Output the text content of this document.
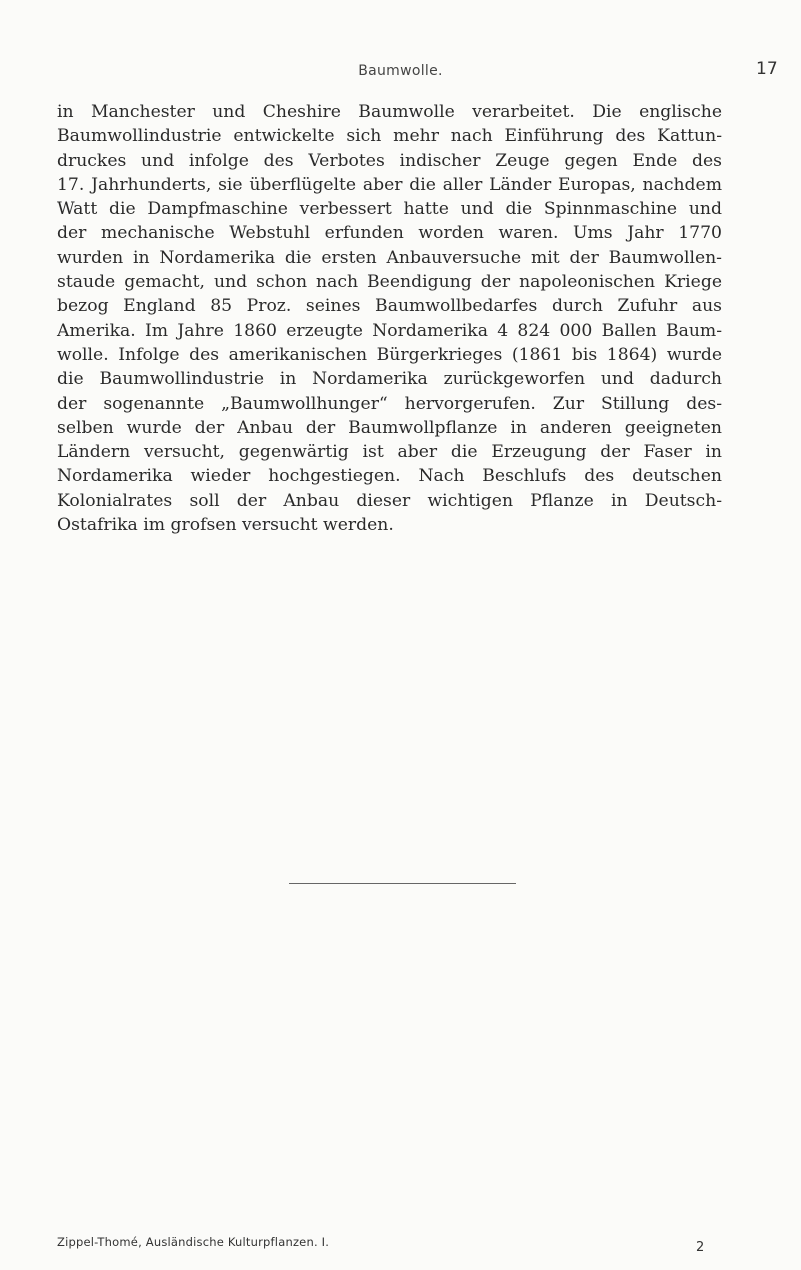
Baumwolle.	17
in Manchester und Cheshire Baumwolle verarbeitet. Die englische
Baumwollindustrie entwickelte sich mehr nach Einführung des Kattun-
druckes und infolge des Verbotes indischer Zeuge gegen Ende des
17. Jahrhunderts, sie überflügelte aber die aller Länder Europas, nachdem
Watt die Dampfmaschine verbessert hatte und die Spinnmaschine und
der mechanische Webstuhl erfunden worden waren. Ums Jahr 1770
wurden in Nordamerika die ersten Anbauversuche mit der Baumwollen-
staude gemacht, und schon nach Beendigung der napoleonischen Kriege
bezog England 85 Proz. seines Baumwollbedarfes durch Zufuhr aus
Amerika. Im Jahre 1860 erzeugte Nordamerika 4 824 000 Ballen Baum-
wolle. Infolge des amerikanischen Bürgerkrieges (1861 bis 1864) wurde
die Baumwollindustrie in Nordamerika zurückgeworfen und dadurch
der sogenannte „Baumwollhunger“ hervorgerufen. Zur Stillung des-
selben wurde der Anbau der Baumwollpflanze in anderen geeigneten
Ländern versucht, gegenwärtig ist aber die Erzeugung der Faser in
Nordamerika wieder hochgestiegen. Nach Beschlufs des deutschen
Kolonialrates soll der Anbau dieser wichtigen Pflanze in Deutsch-
Ostafrika im grofsen versucht werden.
Zippel-Thomé, Ausländische Kulturpflanzen. I.	2
